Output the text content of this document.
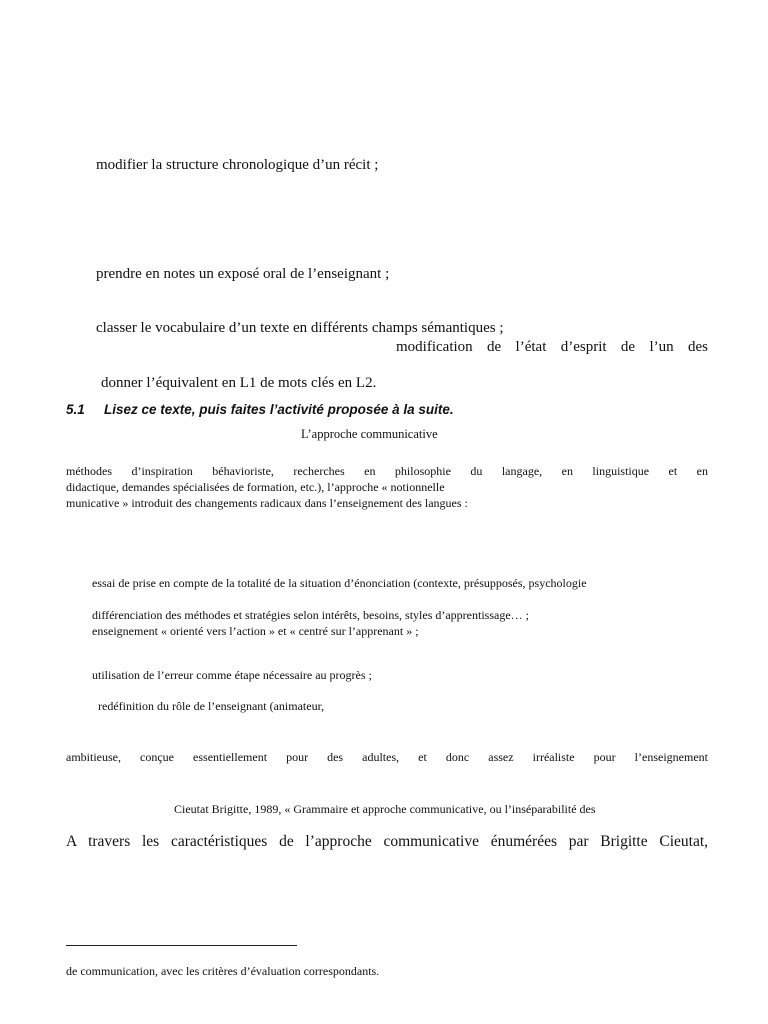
modifier la structure chronologique d’un récit ;
prendre en notes un exposé oral de l’enseignant ;
classer le vocabulaire d’un texte en différents champs sémantiques ;
modification de l’état d’esprit de l’un des
donner l’équivalent en L1 de mots clés en L2.
5.1 Lisez ce texte, puis faites l’activité proposée à la suite.
L’approche communicative
méthodes d’inspiration béhavioriste, recherches en philosophie du langage, en linguistique et en
didactique, demandes spécialisées de formation, etc.), l’approche « notionnelle
municative » introduit des changements radicaux dans l’enseignement des langues :
essai de prise en compte de la totalité de la situation d’énonciation (contexte, présupposés, psychologie
différenciation des méthodes et stratégies selon intérêts, besoins, styles d’apprentissage… ;
enseignement « orienté vers l’action » et « centré sur l’apprenant » ;
utilisation de l’erreur comme étape nécessaire au progrès ;
redéfinition du rôle de l’enseignant (animateur,
ambitieuse, conçue essentiellement pour des adultes, et donc assez irréaliste pour l’enseignement
Cieutat Brigitte, 1989, « Grammaire et approche communicative, ou l’inséparabilité des
A travers les caractéristiques de l’approche communicative énumérées par Brigitte Cieutat,
de communication, avec les critères d’évaluation correspondants.
